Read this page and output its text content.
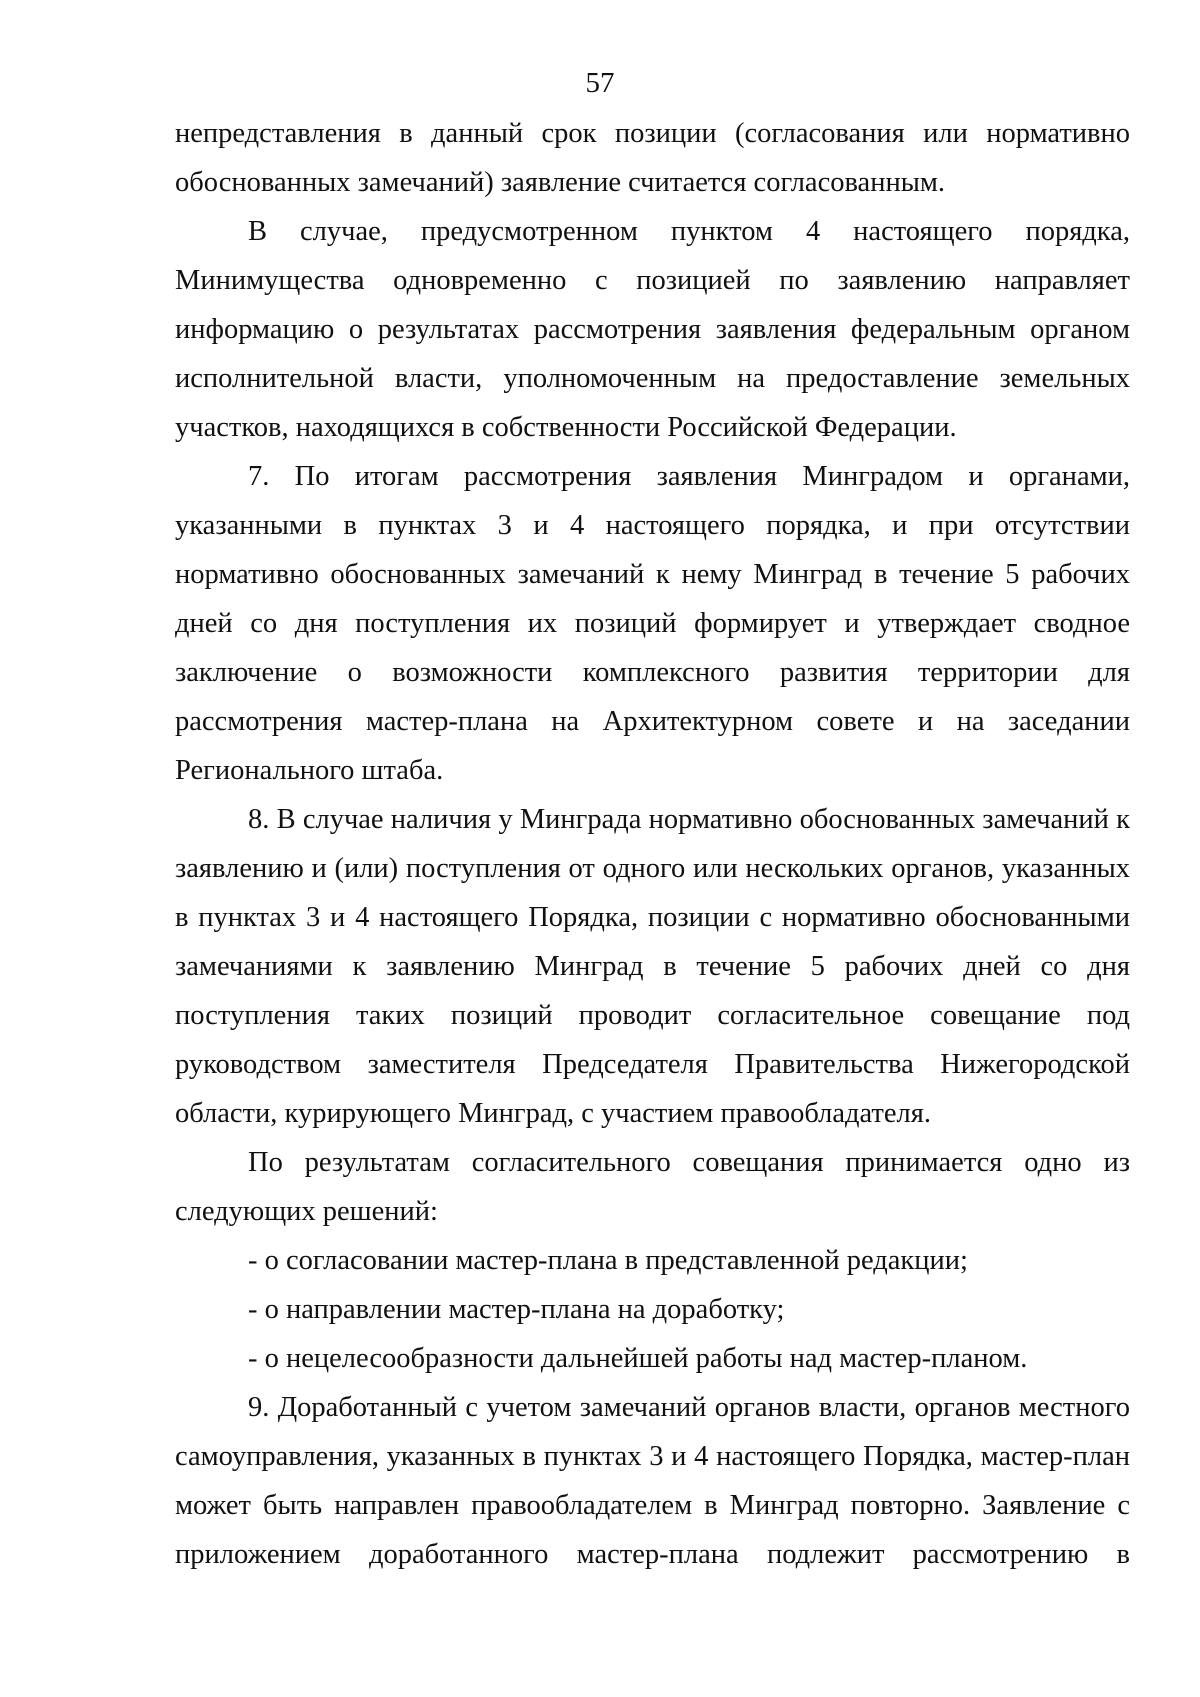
57

непредставления в данный срок позиции (согласования или нормативно обоснованных замечаний) заявление считается согласованным.

В случае, предусмотренном пунктом 4 настоящего порядка, Минимущества одновременно с позицией по заявлению направляет информацию о результатах рассмотрения заявления федеральным органом исполнительной власти, уполномоченным на предоставление земельных участков, находящихся в собственности Российской Федерации.

7. По итогам рассмотрения заявления Минградом и органами, указанными в пунктах 3 и 4 настоящего порядка, и при отсутствии нормативно обоснованных замечаний к нему Минград в течение 5 рабочих дней со дня поступления их позиций формирует и утверждает сводное заключение о возможности комплексного развития территории для рассмотрения мастер-плана на Архитектурном совете и на заседании Регионального штаба.

8. В случае наличия у Минграда нормативно обоснованных замечаний к заявлению и (или) поступления от одного или нескольких органов, указанных в пунктах 3 и 4 настоящего Порядка, позиции с нормативно обоснованными замечаниями к заявлению Минград в течение 5 рабочих дней со дня поступления таких позиций проводит согласительное совещание под руководством заместителя Председателя Правительства Нижегородской области, курирующего Минград, с участием правообладателя.

По результатам согласительного совещания принимается одно из следующих решений:

- о согласовании мастер-плана в представленной редакции;

- о направлении мастер-плана на доработку;

- о нецелесообразности дальнейшей работы над мастер-планом.

9. Доработанный с учетом замечаний органов власти, органов местного самоуправления, указанных в пунктах 3 и 4 настоящего Порядка, мастер-план может быть направлен правообладателем в Минград повторно. Заявление с приложением доработанного мастер-плана подлежит рассмотрению в
